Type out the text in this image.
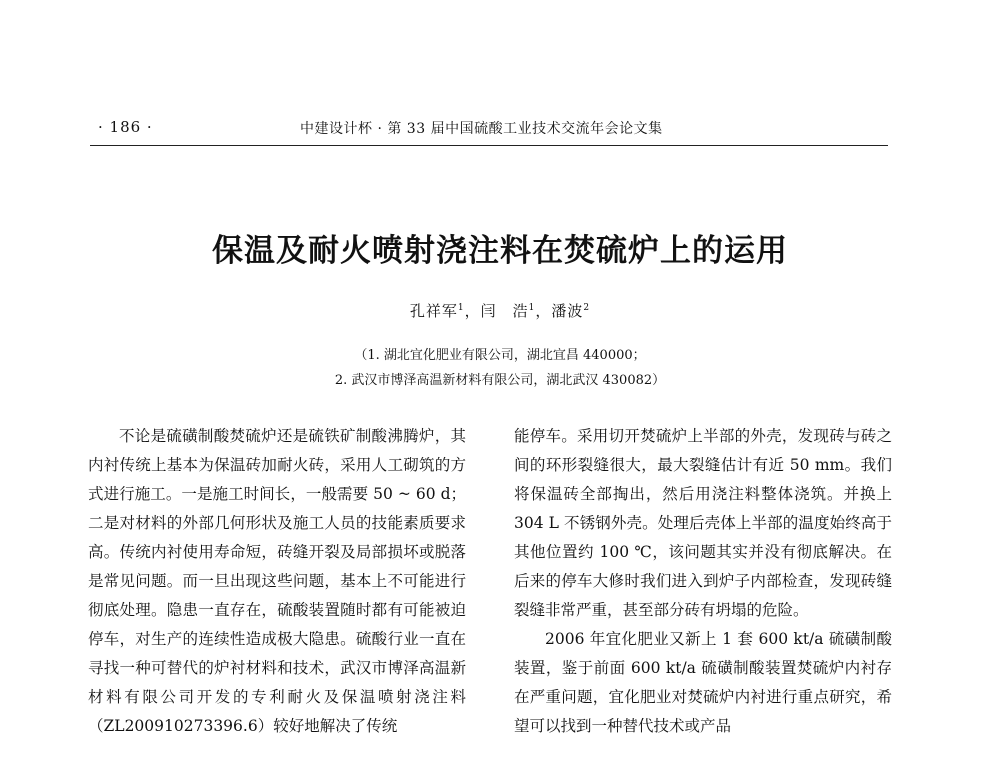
· 186 ·	中建设计杯 · 第 33 届中国硫酸工业技术交流年会论文集
保温及耐火喷射浇注料在焚硫炉上的运用
孔祥军$^1$，闫　浩$^1$，潘波$^2$
（1. 湖北宜化肥业有限公司，湖北宜昌 440000；
2. 武汉市博泽高温新材料有限公司，湖北武汉 430082）

不论是硫磺制酸焚硫炉还是硫铁矿制酸沸腾炉，其内衬传统上基本为保温砖加耐火砖，采用人工砌筑的方式进行施工。一是施工时间长，一般需要 50 ~ 60 d；二是对材料的外部几何形状及施工人员的技能素质要求高。传统内衬使用寿命短，砖缝开裂及局部损坏或脱落是常见问题。而一旦出现这些问题，基本上不可能进行彻底处理。隐患一直存在，硫酸装置随时都有可能被迫停车，对生产的连续性造成极大隐患。硫酸行业一直在寻找一种可替代的炉衬材料和技术，武汉市博泽高温新材料有限公司开发的专利耐火及保温喷射浇注料（ZL200910273396.6）较好地解决了传统

能停车。采用切开焚硫炉上半部的外壳，发现砖与砖之间的环形裂缝很大，最大裂缝估计有近 50 mm。我们将保温砖全部掏出，然后用浇注料整体浇筑。并换上 304 L 不锈钢外壳。处理后壳体上半部的温度始终高于其他位置约 100 ℃，该问题其实并没有彻底解决。在后来的停车大修时我们进入到炉子内部检查，发现砖缝裂缝非常严重，甚至部分砖有坍塌的危险。

2006 年宜化肥业又新上 1 套 600 kt/a 硫磺制酸装置，鉴于前面 600 kt/a 硫磺制酸装置焚硫炉内衬存在严重问题，宜化肥业对焚硫炉内衬进行重点研究，希望可以找到一种替代技术或产品
